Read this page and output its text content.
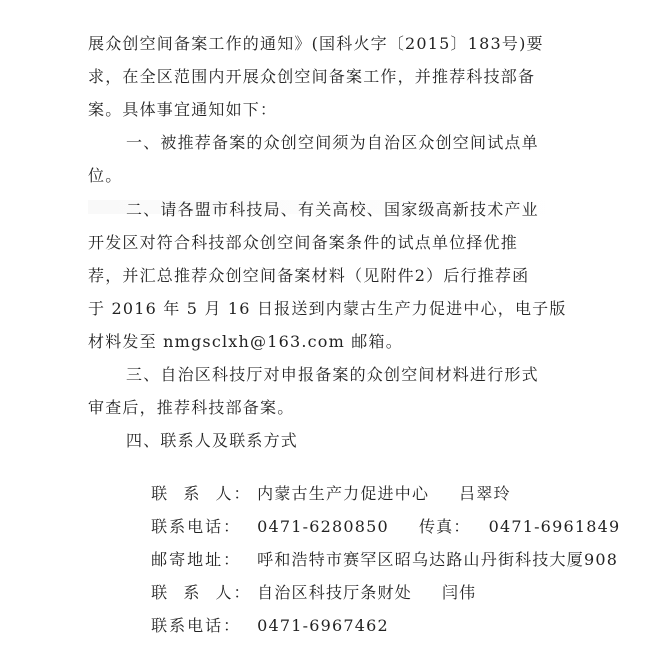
展众创空间备案工作的通知》(国科火字〔2015〕183号)要
求，在全区范围内开展众创空间备案工作，并推荐科技部备
案。具体事宜通知如下：
一、被推荐备案的众创空间须为自治区众创空间试点单
位。
二、请各盟市科技局、有关高校、国家级高新技术产业
开发区对符合科技部众创空间备案条件的试点单位择优推
荐，并汇总推荐众创空间备案材料（见附件2）后行推荐函
于 2016 年 5 月 16 日报送到内蒙古生产力促进中心，电子版
材料发至 nmgsclxh@163.com 邮箱。
三、自治区科技厅对申报备案的众创空间材料进行形式
审查后，推荐科技部备案。
四、联系人及联系方式

联  系  人： 内蒙古生产力促进中心 吕翠玲

联系电话： 0471-6280850 传真： 0471-6961849

邮寄地址： 呼和浩特市赛罕区昭乌达路山丹街科技大厦908

联  系  人： 自治区科技厅条财处 闫伟

联系电话： 0471-6967462
